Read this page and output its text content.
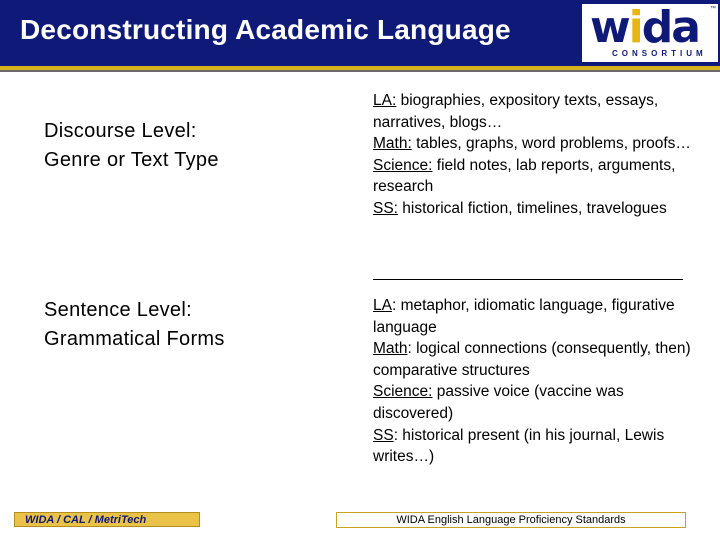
Deconstructing Academic Language wida
CONSORTIUM
™
Discourse Level:
Genre or Text Type

LA: biographies, expository texts, essays, narratives, blogs…

Math: tables, graphs, word problems, proofs…

Science: field notes, lab reports, arguments, research

SS: historical fiction, timelines, travelogues

Sentence Level:
Grammatical Forms

LA: metaphor, idiomatic language, figurative language

Math: logical connections (consequently, then) comparative structures

Science: passive voice (vaccine was discovered)

SS: historical present (in his journal, Lewis writes…)

WIDA / CAL / MetriTech	WIDA English Language Proficiency Standards
